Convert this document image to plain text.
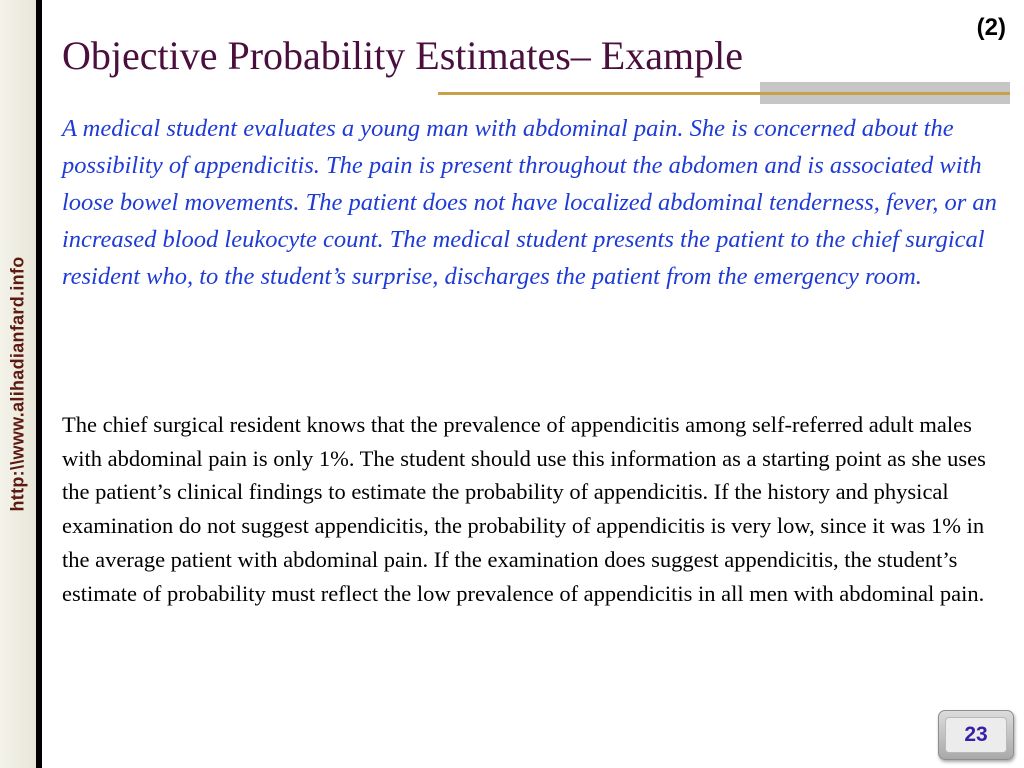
http:\\www.alihadianfard.info
(2)
Objective Probability Estimates– Example

A medical student evaluates a young man with abdominal pain. She is concerned about the possibility of appendicitis. The pain is present throughout the abdomen and is associated with loose bowel movements. The patient does not have localized abdominal tenderness, fever, or an increased blood leukocyte count. The medical student presents the patient to the chief surgical resident who, to the student’s surprise, discharges the patient from the emergency room.

The chief surgical resident knows that the prevalence of appendicitis among self-referred adult males with abdominal pain is only 1%. The student should use this information as a starting point as she uses the patient’s clinical findings to estimate the probability of appendicitis. If the history and physical examination do not suggest appendicitis, the probability of appendicitis is very low, since it was 1% in the average patient with abdominal pain. If the examination does suggest appendicitis, the student’s estimate of probability must reflect the low prevalence of appendicitis in all men with abdominal pain.

23
